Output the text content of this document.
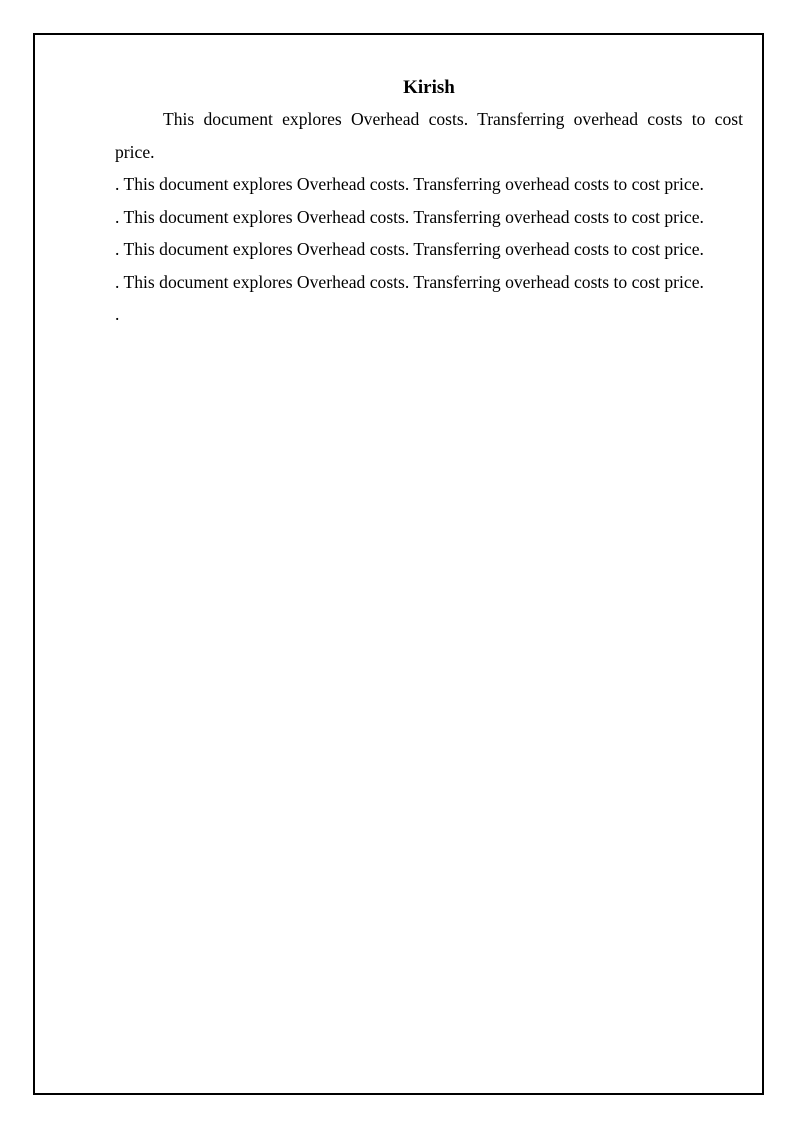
Kirish

This document explores Overhead costs. Transferring overhead costs to cost price.

. This document explores Overhead costs. Transferring overhead costs to cost price.

. This document explores Overhead costs. Transferring overhead costs to cost price.

. This document explores Overhead costs. Transferring overhead costs to cost price.

. This document explores Overhead costs. Transferring overhead costs to cost price.

.
